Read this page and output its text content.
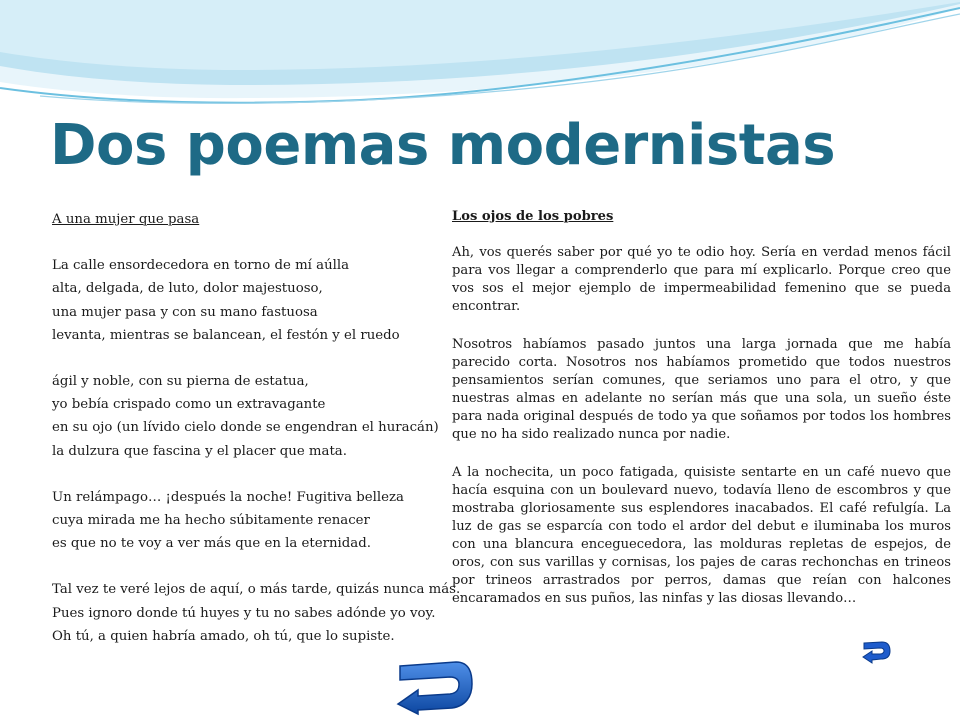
Dos poemas modernistas
A una mujer que pasa
La calle ensordecedora en torno de mí aúlla
alta, delgada, de luto, dolor majestuoso,
una mujer pasa y con su mano fastuosa
levanta, mientras se balancean, el festón y el ruedo
ágil y noble, con su pierna de estatua,
yo bebía crispado como un extravagante
en su ojo (un lívido cielo donde se engendran el huracán)
la dulzura que fascina y el placer que mata.
Un relámpago… ¡después la noche! Fugitiva belleza
cuya mirada me ha hecho súbitamente renacer
es que no te voy a ver más que en la eternidad.
Tal vez te veré lejos de aquí, o más tarde, quizás nunca más.
Pues ignoro donde tú huyes y tu no sabes adónde yo voy.
Oh tú, a quien habría amado, oh tú, que lo supiste.
Los ojos de los pobres

Ah, vos querés saber por qué yo te odio hoy. Sería en verdad menos fácil para vos llegar a comprenderlo que para mí explicarlo. Porque creo que vos sos el mejor ejemplo de impermeabilidad femenino que se pueda encontrar.

Nosotros habíamos pasado juntos una larga jornada que me había parecido corta. Nosotros nos habíamos prometido que todos nuestros pensamientos serían comunes, que seriamos uno para el otro, y que nuestras almas en adelante no serían más que una sola, un sueño éste para nada original después de todo ya que soñamos por todos los hombres que no ha sido realizado nunca por nadie.

A la nochecita, un poco fatigada, quisiste sentarte en un café nuevo que hacía esquina con un boulevard nuevo, todavía lleno de escombros y que mostraba gloriosamente sus esplendores inacabados. El café refulgía. La luz de gas se esparcía con todo el ardor del debut e iluminaba los muros con una blancura enceguecedora, las molduras repletas de espejos, de oros, con sus varillas y cornisas, los pajes de caras rechonchas en trineos por trineos arrastrados por perros, damas que reían con halcones encaramados en sus puños, las ninfas y las diosas llevando…
